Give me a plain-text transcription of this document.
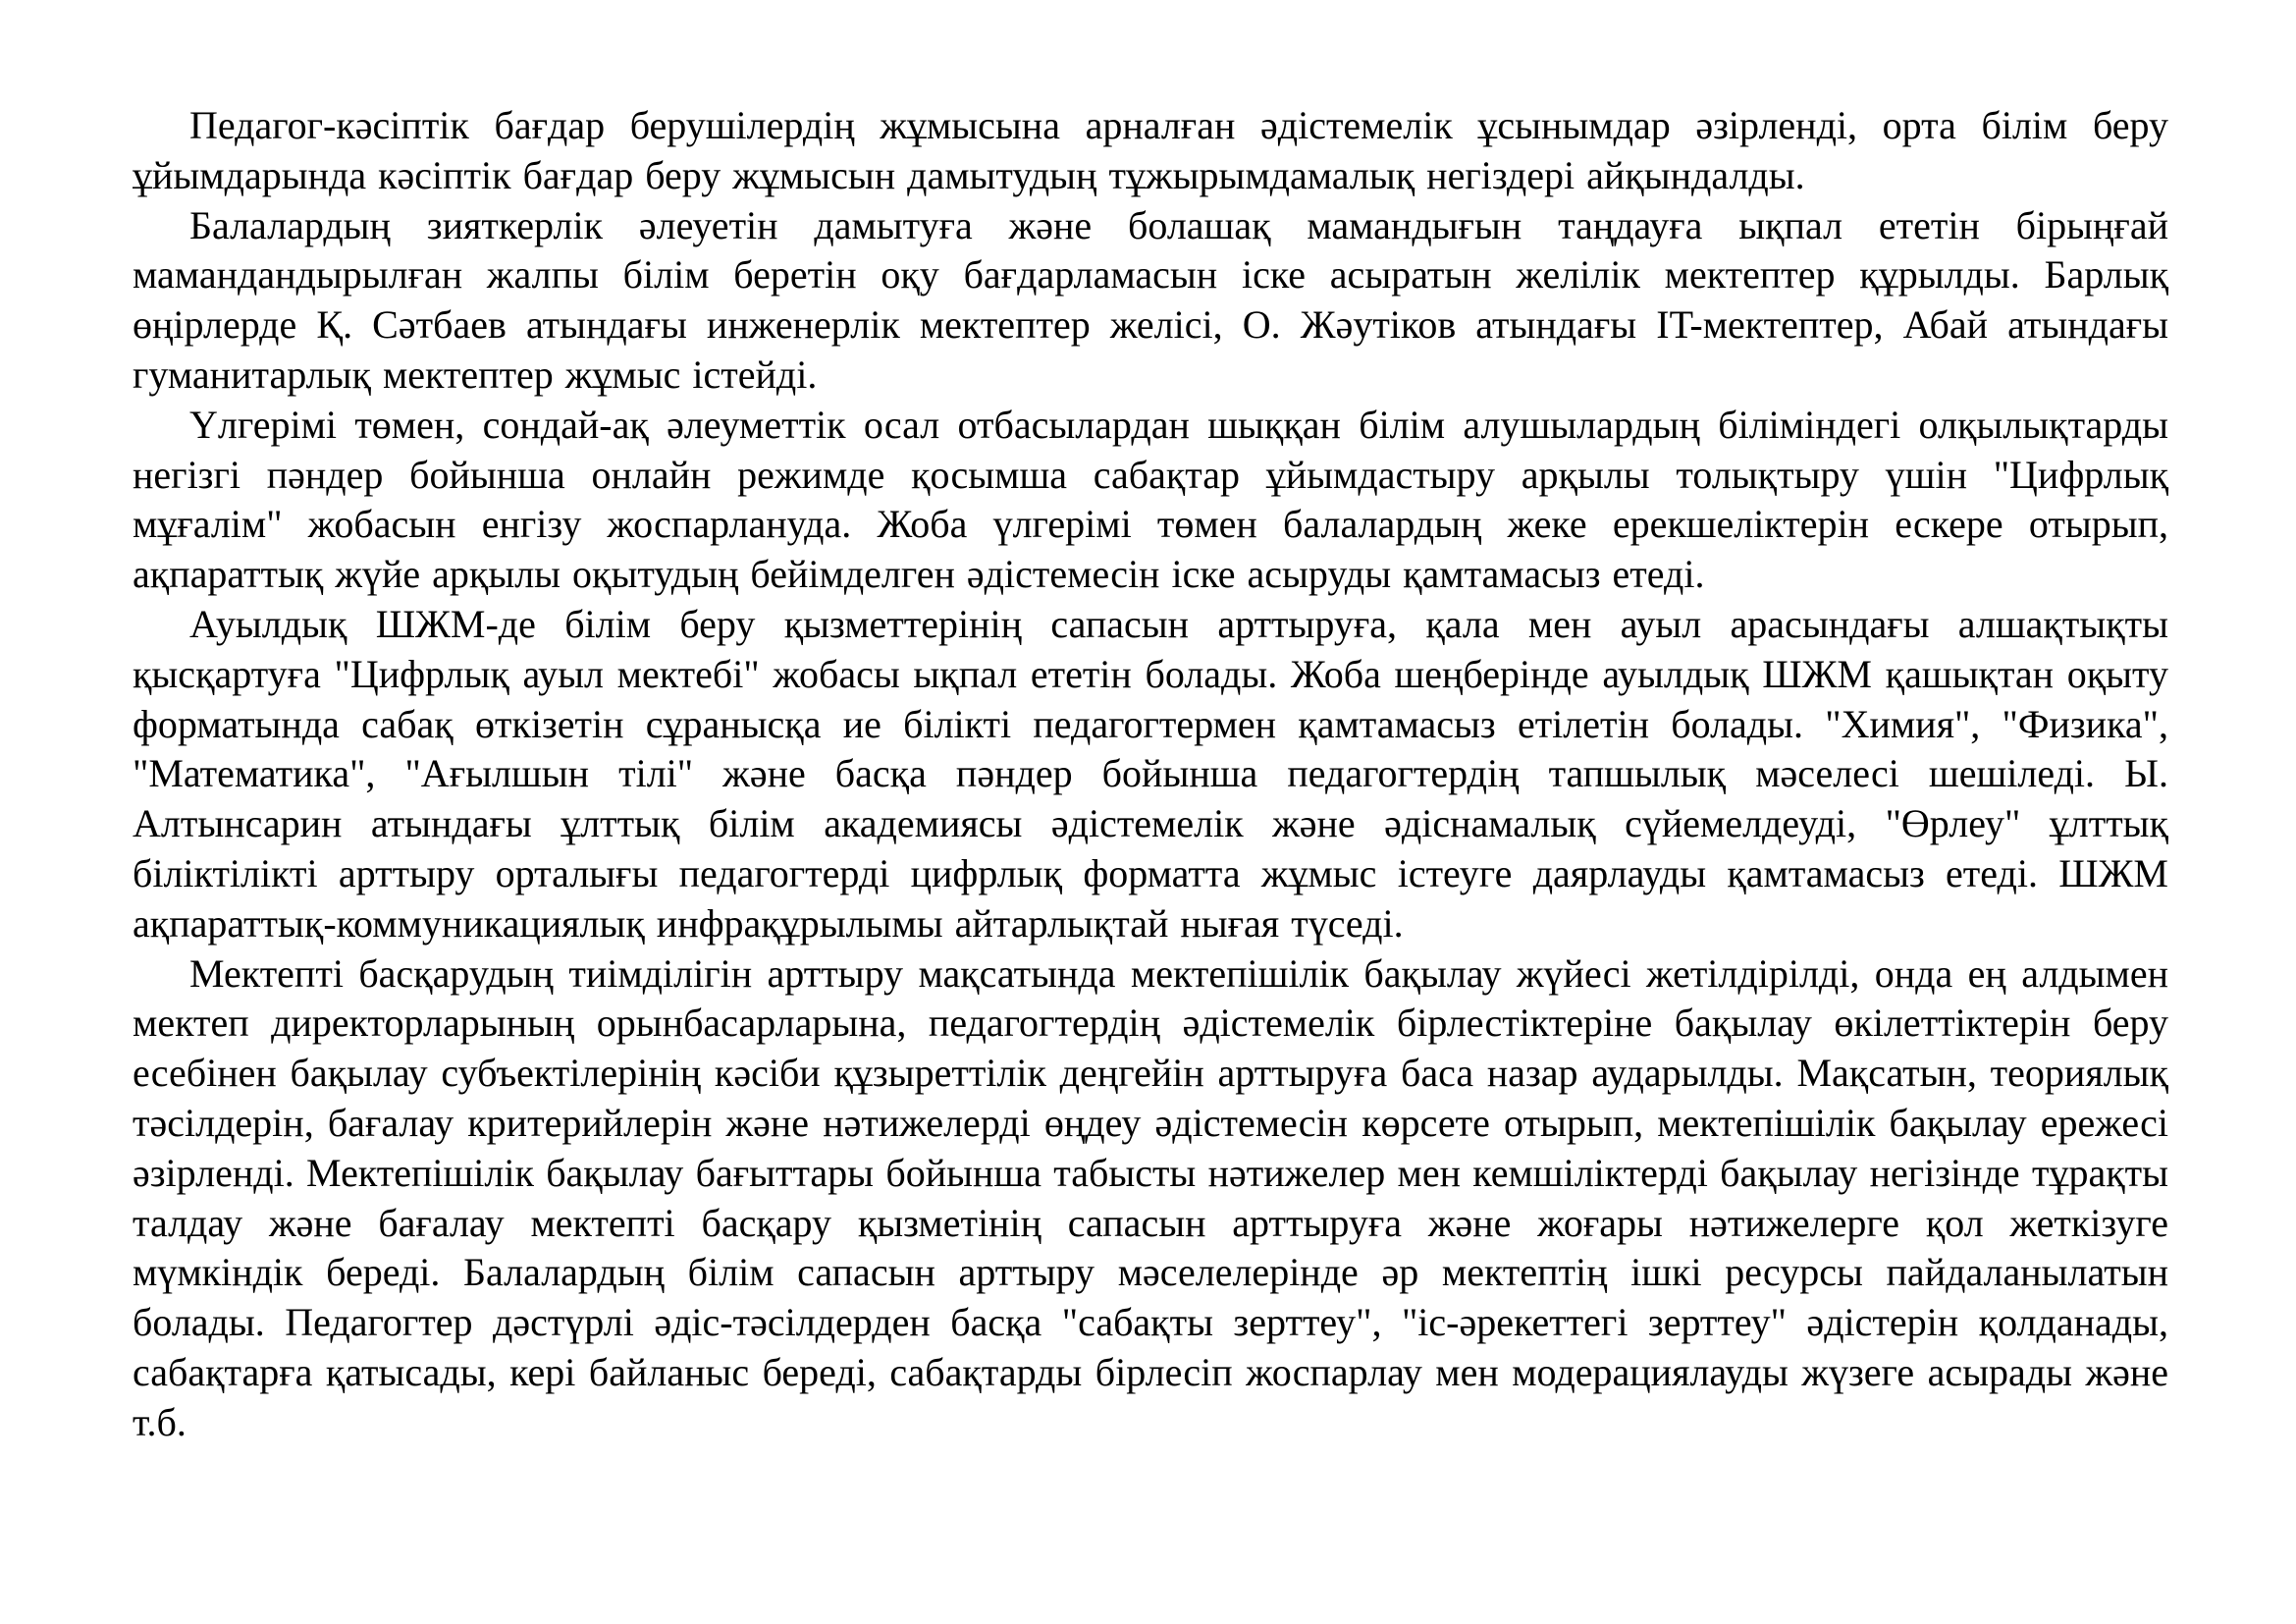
Педагог-кәсіптік бағдар берушілердің жұмысына арналған әдістемелік ұсынымдар әзірленді, орта білім беру ұйымдарында кәсіптік бағдар беру жұмысын дамытудың тұжырымдамалық негіздері айқындалды.

Балалардың зияткерлік әлеуетін дамытуға және болашақ мамандығын таңдауға ықпал ететін бірыңғай мамандандырылған жалпы білім беретін оқу бағдарламасын іске асыратын желілік мектептер құрылды. Барлық өңірлерде Қ. Сәтбаев атындағы инженерлік мектептер желісі, О. Жәутіков атындағы IT-мектептер, Абай атындағы гуманитарлық мектептер жұмыс істейді.

Үлгерімі төмен, сондай-ақ әлеуметтік осал отбасылардан шыққан білім алушылардың біліміндегі олқылықтарды негізгі пәндер бойынша онлайн режимде қосымша сабақтар ұйымдастыру арқылы толықтыру үшін "Цифрлық мұғалім" жобасын енгізу жоспарлануда. Жоба үлгерімі төмен балалардың жеке ерекшеліктерін ескере отырып, ақпараттық жүйе арқылы оқытудың бейімделген әдістемесін іске асыруды қамтамасыз етеді.

Ауылдық ШЖМ-де білім беру қызметтерінің сапасын арттыруға, қала мен ауыл арасындағы алшақтықты қысқартуға "Цифрлық ауыл мектебі" жобасы ықпал ететін болады. Жоба шеңберінде ауылдық ШЖМ қашықтан оқыту форматында сабақ өткізетін сұранысқа ие білікті педагогтермен қамтамасыз етілетін болады. "Химия", "Физика", "Математика", "Ағылшын тілі" және басқа пәндер бойынша педагогтердің тапшылық мәселесі шешіледі. Ы. Алтынсарин атындағы ұлттық білім академиясы әдістемелік және әдіснамалық сүйемелдеуді, "Өрлеу" ұлттық біліктілікті арттыру орталығы педагогтерді цифрлық форматта жұмыс істеуге даярлауды қамтамасыз етеді. ШЖМ ақпараттық-коммуникациялық инфрақұрылымы айтарлықтай нығая түседі.

Мектепті басқарудың тиімділігін арттыру мақсатында мектепішілік бақылау жүйесі жетілдірілді, онда ең алдымен мектеп директорларының орынбасарларына, педагогтердің әдістемелік бірлестіктеріне бақылау өкілеттіктерін беру есебінен бақылау субъектілерінің кәсіби құзыреттілік деңгейін арттыруға баса назар аударылды. Мақсатын, теориялық тәсілдерін, бағалау критерийлерін және нәтижелерді өңдеу әдістемесін көрсете отырып, мектепішілік бақылау ережесі әзірленді. Мектепішілік бақылау бағыттары бойынша табысты нәтижелер мен кемшіліктерді бақылау негізінде тұрақты талдау және бағалау мектепті басқару қызметінің сапасын арттыруға және жоғары нәтижелерге қол жеткізуге мүмкіндік береді. Балалардың білім сапасын арттыру мәселелерінде әр мектептің ішкі ресурсы пайдаланылатын болады. Педагогтер дәстүрлі әдіс-тәсілдерден басқа "сабақты зерттеу", "іс-әрекеттегі зерттеу" әдістерін қолданады, сабақтарға қатысады, кері байланыс береді, сабақтарды бірлесіп жоспарлау мен модерациялауды жүзеге асырады және т.б.
